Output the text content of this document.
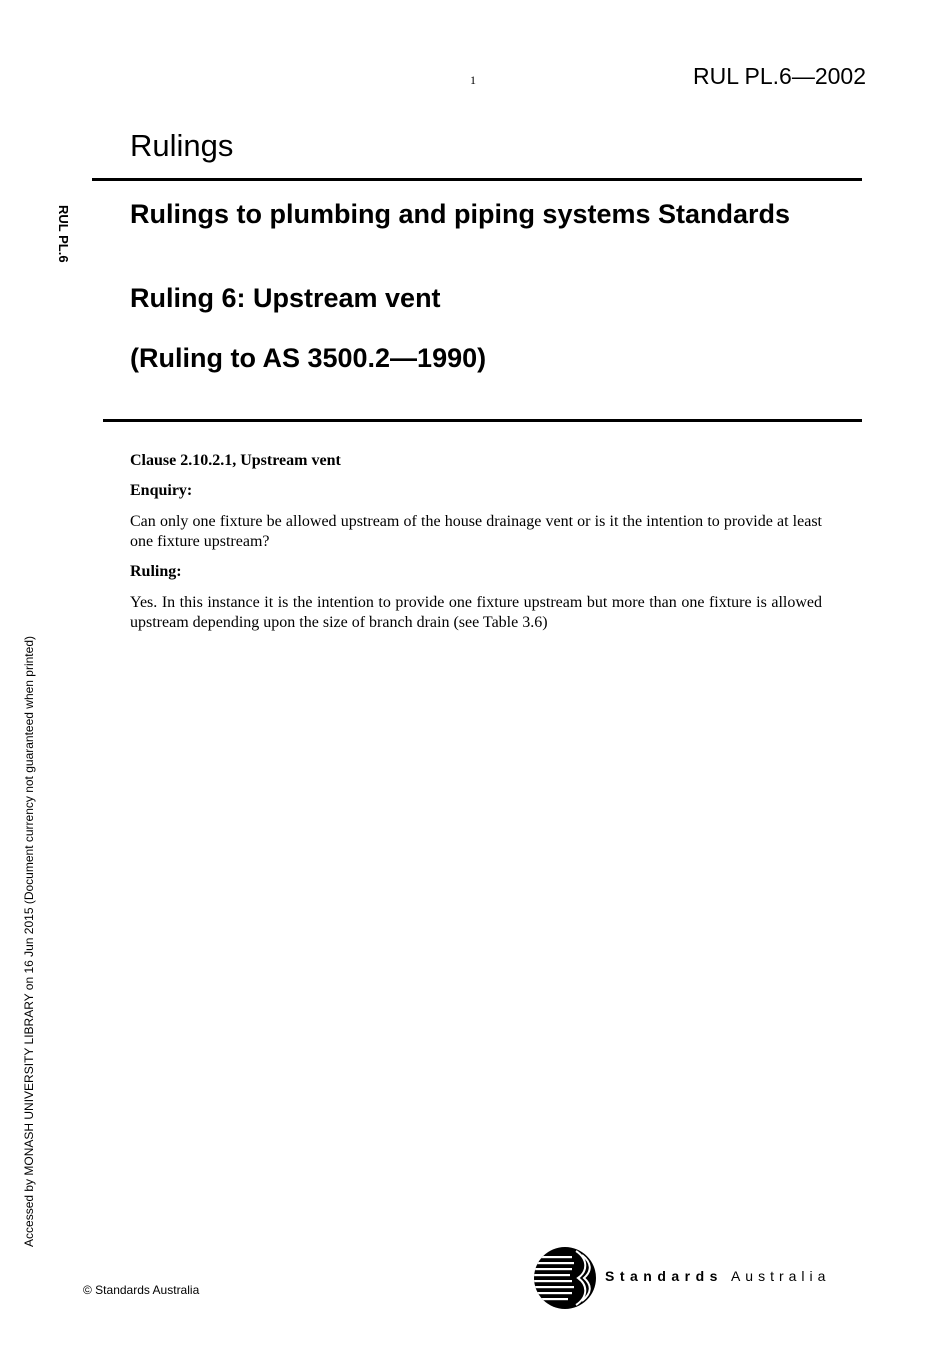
1	RUL PL.6—2002
Rulings
RUL PL.6 Rulings to plumbing and piping systems Standards
Ruling 6: Upstream vent
(Ruling to AS 3500.2—1990)
Clause 2.10.2.1, Upstream vent
Enquiry:
Can only one fixture be allowed upstream of the house drainage vent or is it the intention to provide at least one fixture upstream?
Ruling:
Yes. In this instance it is the intention to provide one fixture upstream but more than one fixture is allowed upstream depending upon the size of branch drain (see Table 3.6)
Accessed by MONASH UNIVERSITY LIBRARY on 16 Jun 2015 (Document currency not guaranteed when printed)
© Standards Australia
Standards Australia
